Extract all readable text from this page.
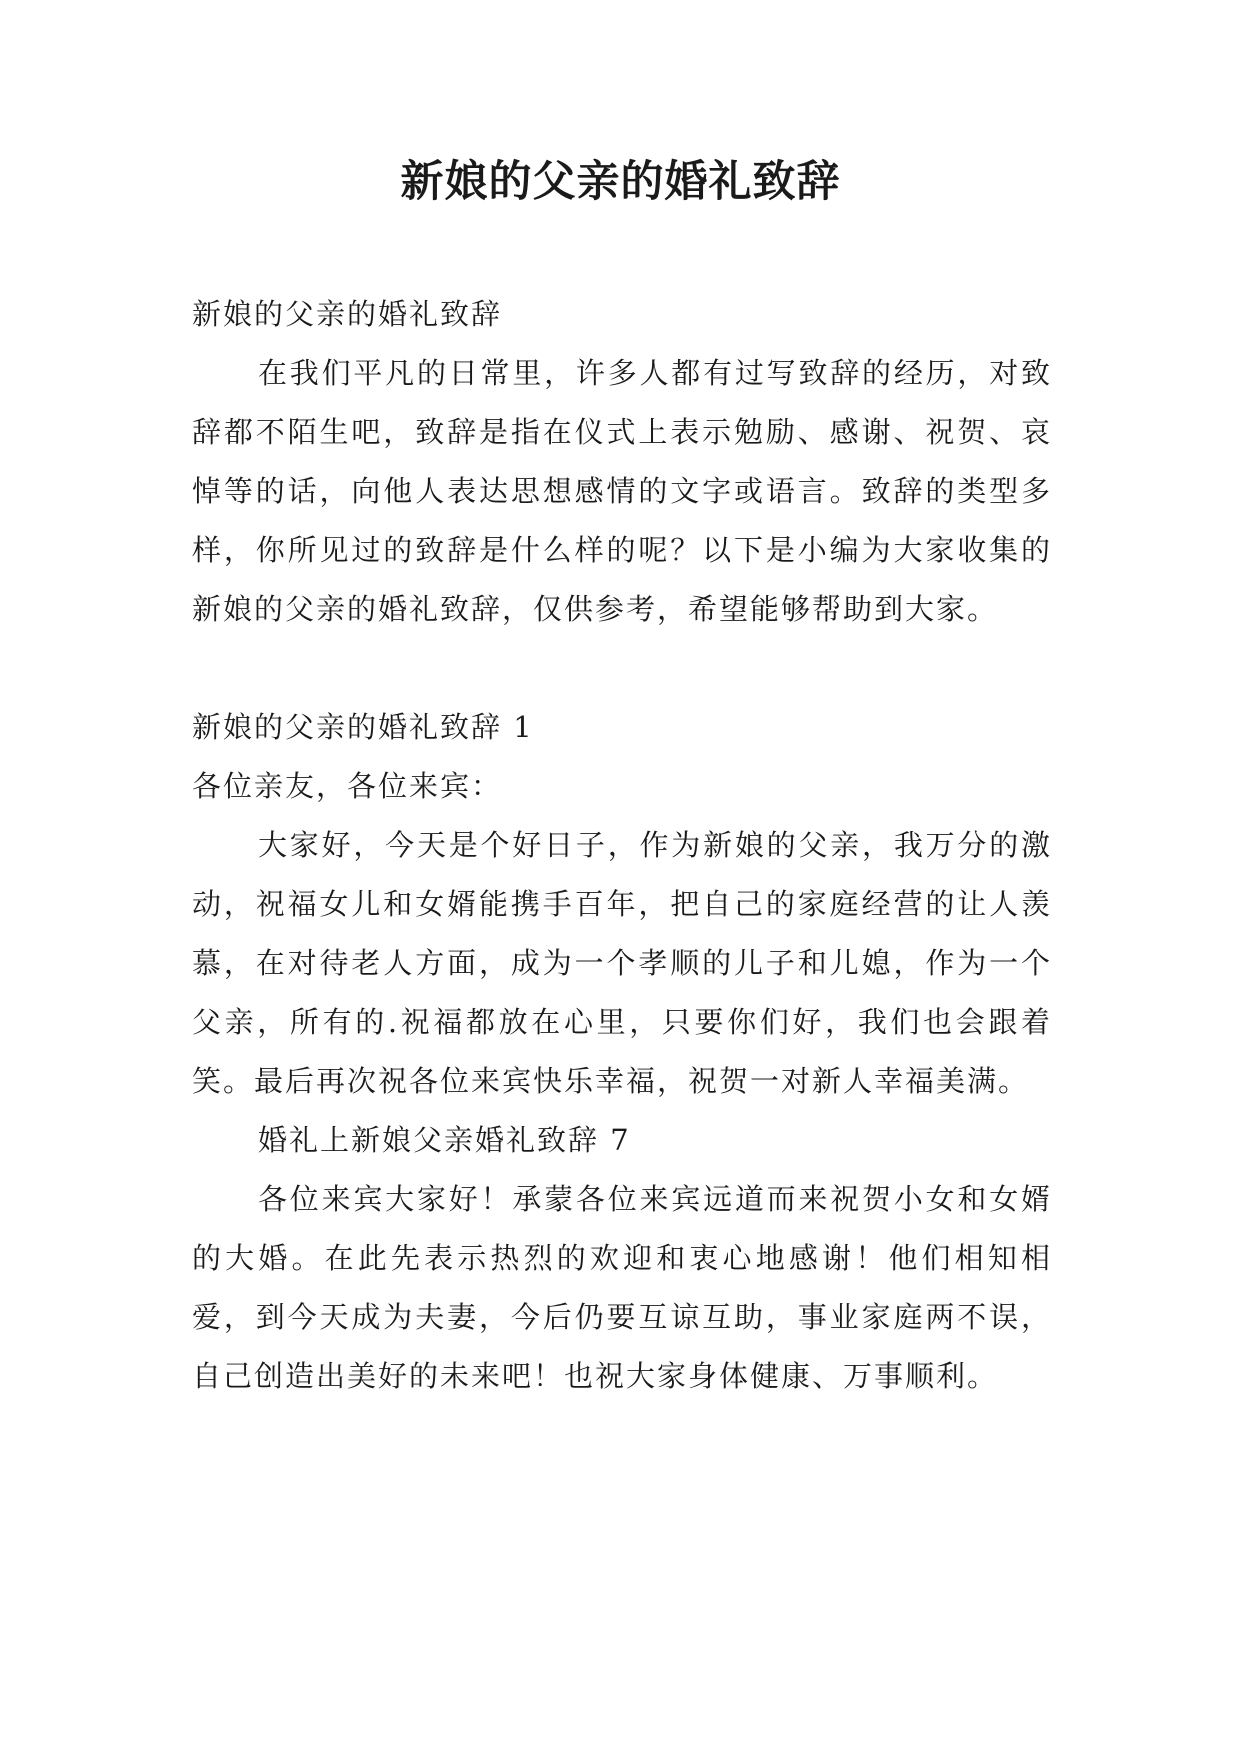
新娘的父亲的婚礼致辞

新娘的父亲的婚礼致辞

在我们平凡的日常里，许多人都有过写致辞的经历，对致辞都不陌生吧，致辞是指在仪式上表示勉励、感谢、祝贺、哀悼等的话，向他人表达思想感情的文字或语言。致辞的类型多样，你所见过的致辞是什么样的呢？以下是小编为大家收集的新娘的父亲的婚礼致辞，仅供参考，希望能够帮助到大家。

新娘的父亲的婚礼致辞 1

各位亲友，各位来宾：

大家好，今天是个好日子，作为新娘的父亲，我万分的激动，祝福女儿和女婿能携手百年，把自己的家庭经营的让人羡慕，在对待老人方面，成为一个孝顺的儿子和儿媳，作为一个父亲，所有的.祝福都放在心里，只要你们好，我们也会跟着笑。最后再次祝各位来宾快乐幸福，祝贺一对新人幸福美满。

婚礼上新娘父亲婚礼致辞 7

各位来宾大家好！承蒙各位来宾远道而来祝贺小女和女婿的大婚。在此先表示热烈的欢迎和衷心地感谢！他们相知相爱，到今天成为夫妻，今后仍要互谅互助，事业家庭两不误，自己创造出美好的未来吧！也祝大家身体健康、万事顺利。
